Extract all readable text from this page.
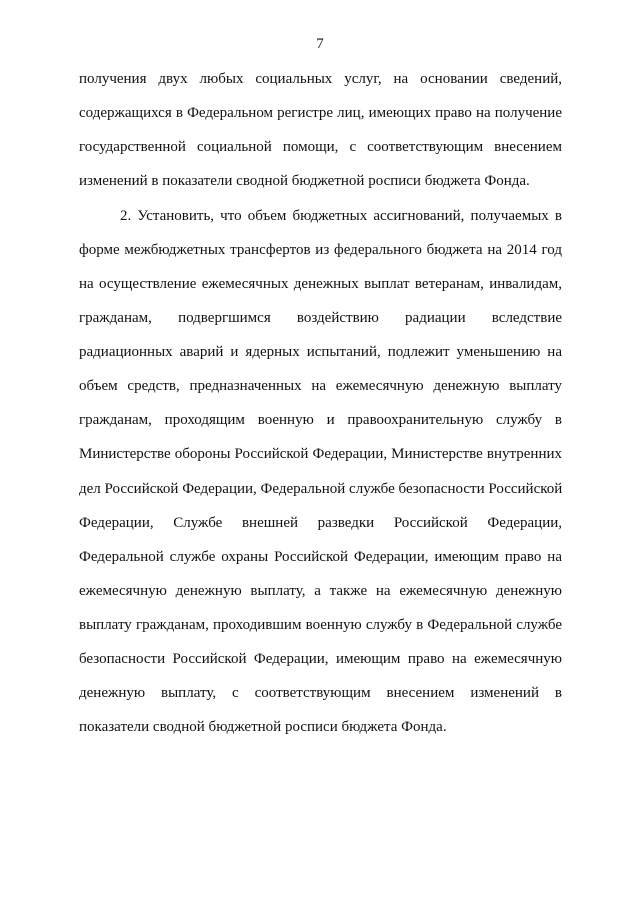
7
получения двух любых социальных услуг, на основании сведений,
содержащихся в Федеральном регистре лиц, имеющих право на получение
государственной социальной помощи, с соответствующим внесением
изменений в показатели сводной бюджетной росписи бюджета Фонда.
2. Установить, что объем бюджетных ассигнований, получаемых в
форме межбюджетных трансфертов из федерального бюджета на 2014 год
на осуществление ежемесячных денежных выплат ветеранам, инвалидам,
гражданам, подвергшимся воздействию радиации вследствие
радиационных аварий и ядерных испытаний, подлежит уменьшению на
объем средств, предназначенных на ежемесячную денежную выплату
гражданам, проходящим военную и правоохранительную службу в
Министерстве обороны Российской Федерации, Министерстве внутренних
дел Российской Федерации, Федеральной службе безопасности Российской
Федерации, Службе внешней разведки Российской Федерации,
Федеральной службе охраны Российской Федерации, имеющим право на
ежемесячную денежную выплату, а также на ежемесячную денежную
выплату гражданам, проходившим военную службу в Федеральной службе
безопасности Российской Федерации, имеющим право на ежемесячную
денежную выплату, с соответствующим внесением изменений в
показатели сводной бюджетной росписи бюджета Фонда.
